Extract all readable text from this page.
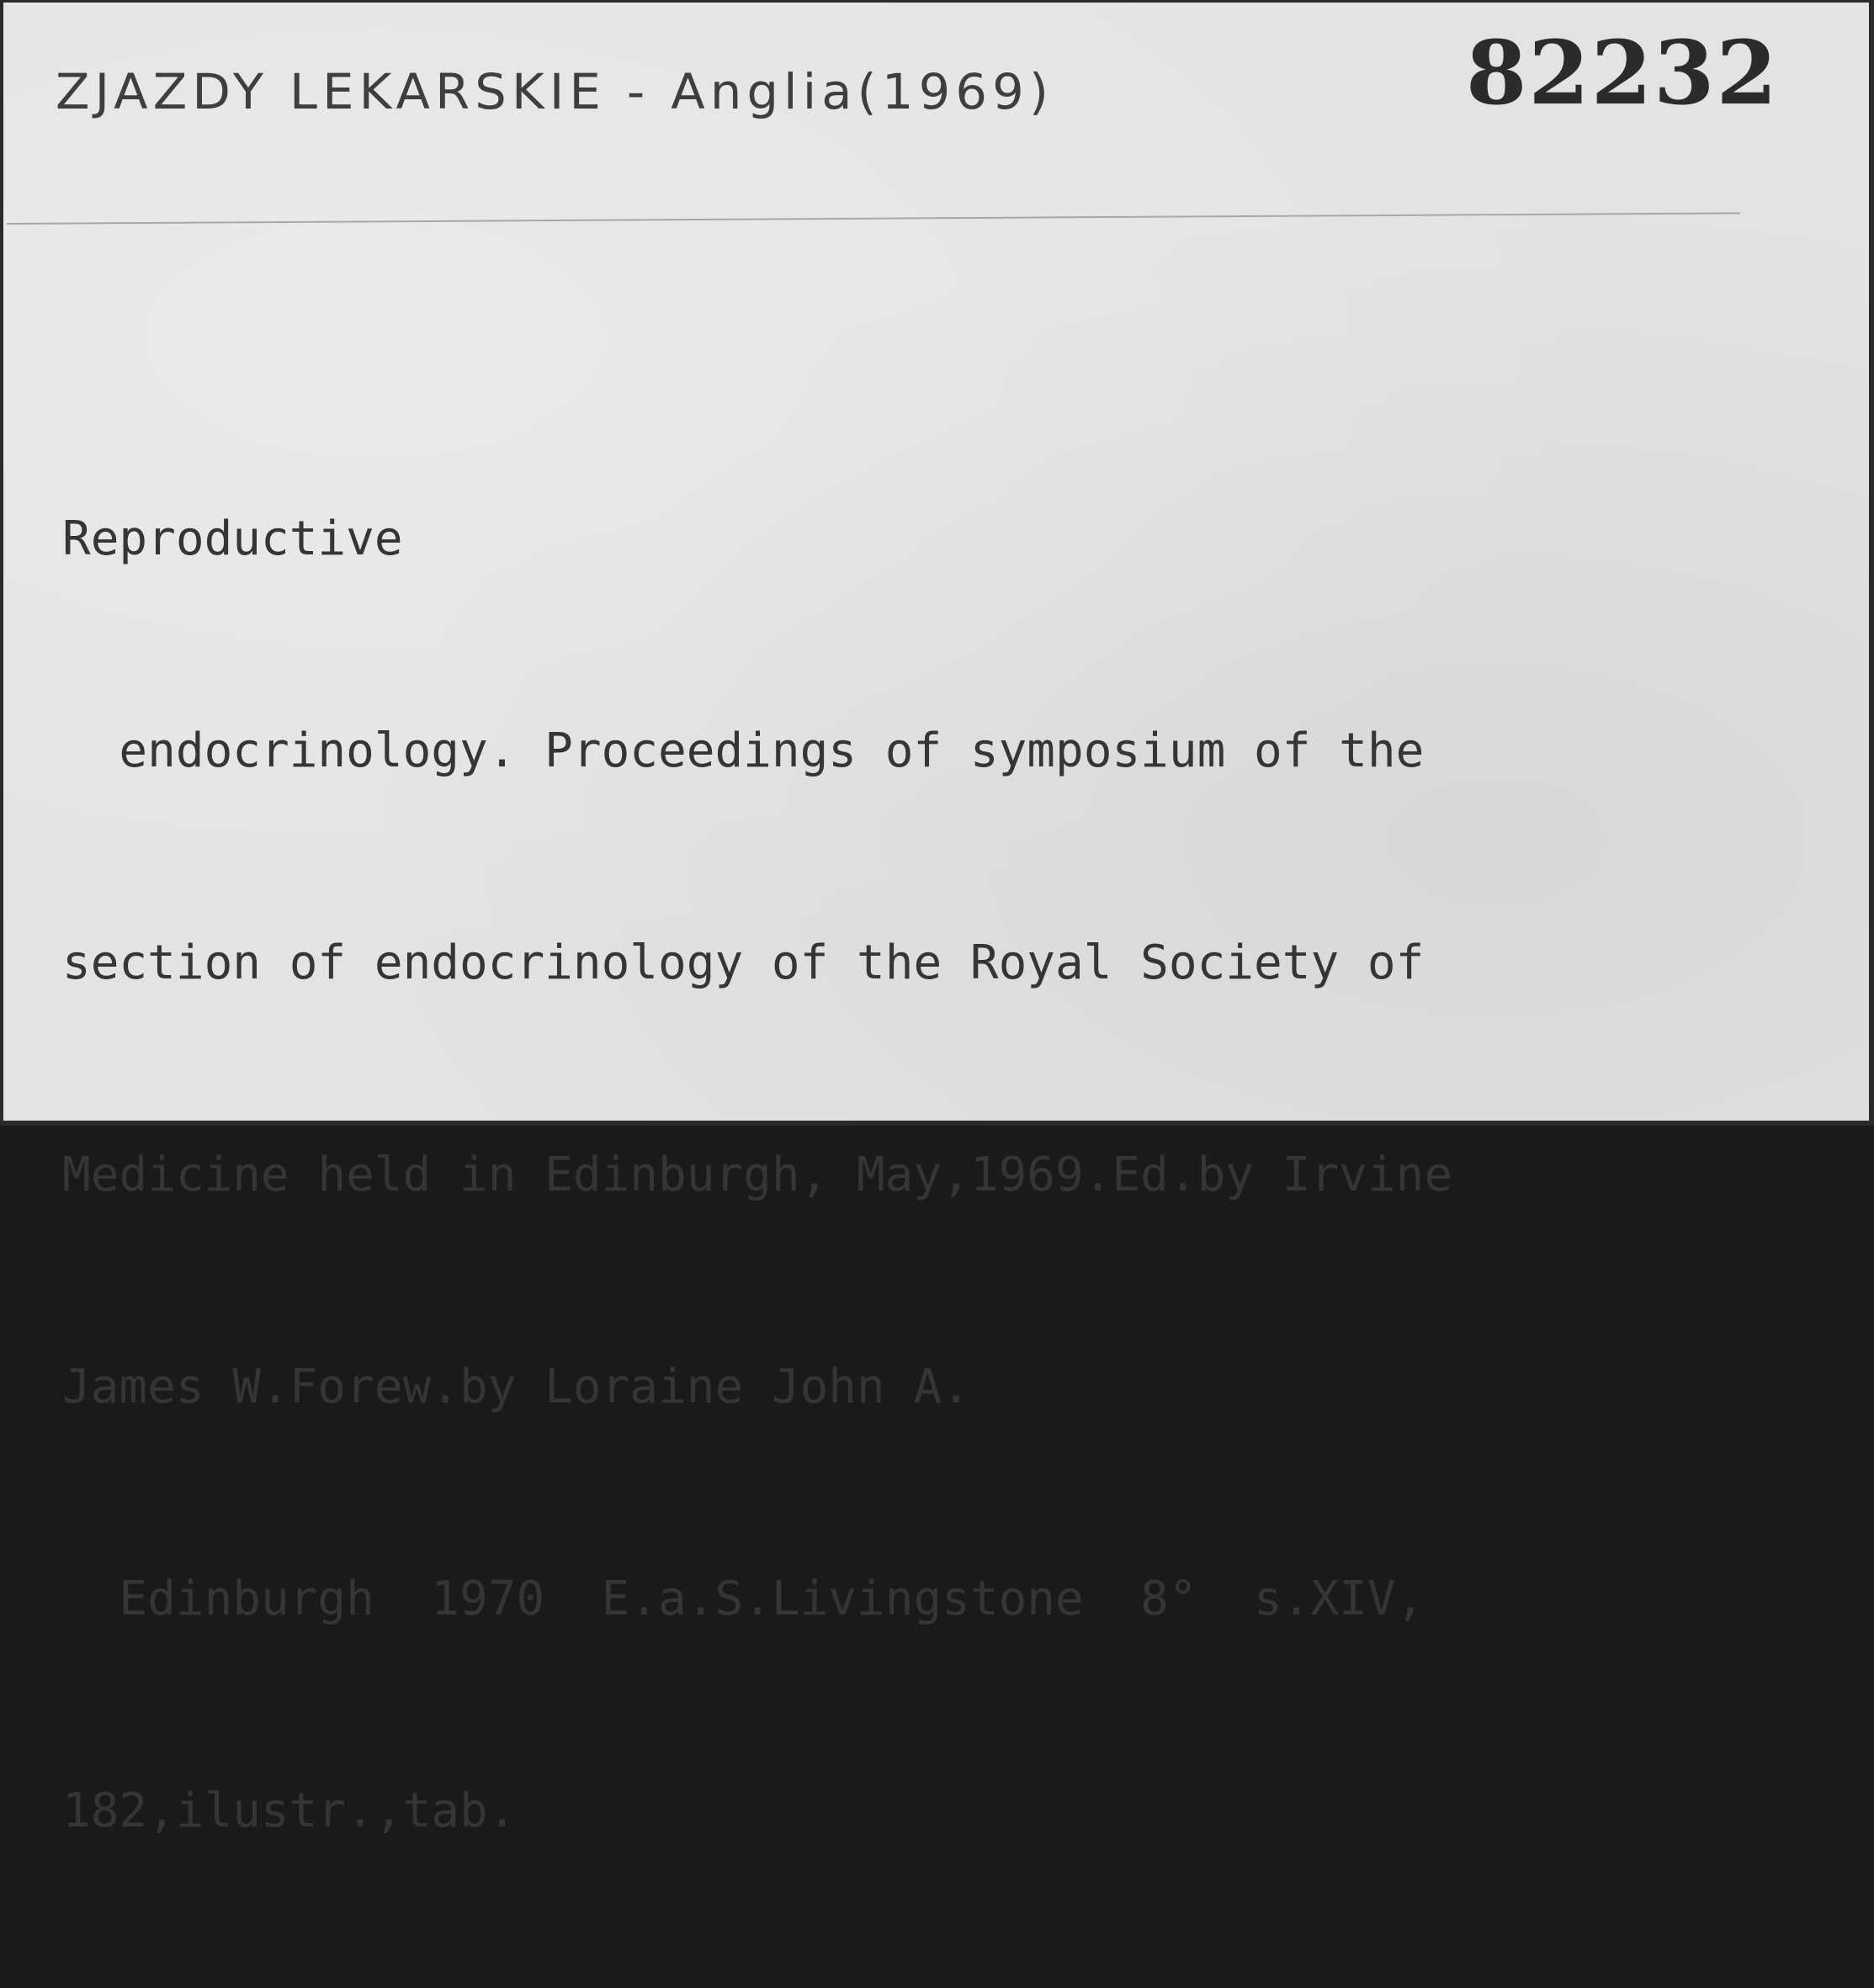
ZJAZDY LEKARSKIE - Anglia(1969)	82232

Reproductive

endocrinology. Proceedings of symposium of the

section of endocrinology of the Royal Society of

Medicine held in Edinburgh, May,1969.Ed.by Irvine

James W.Forew.by Loraine John A.

Edinburgh  1970  E.a.S.Livingstone  8°  s.XIV,

182,ilustr.,tab.
